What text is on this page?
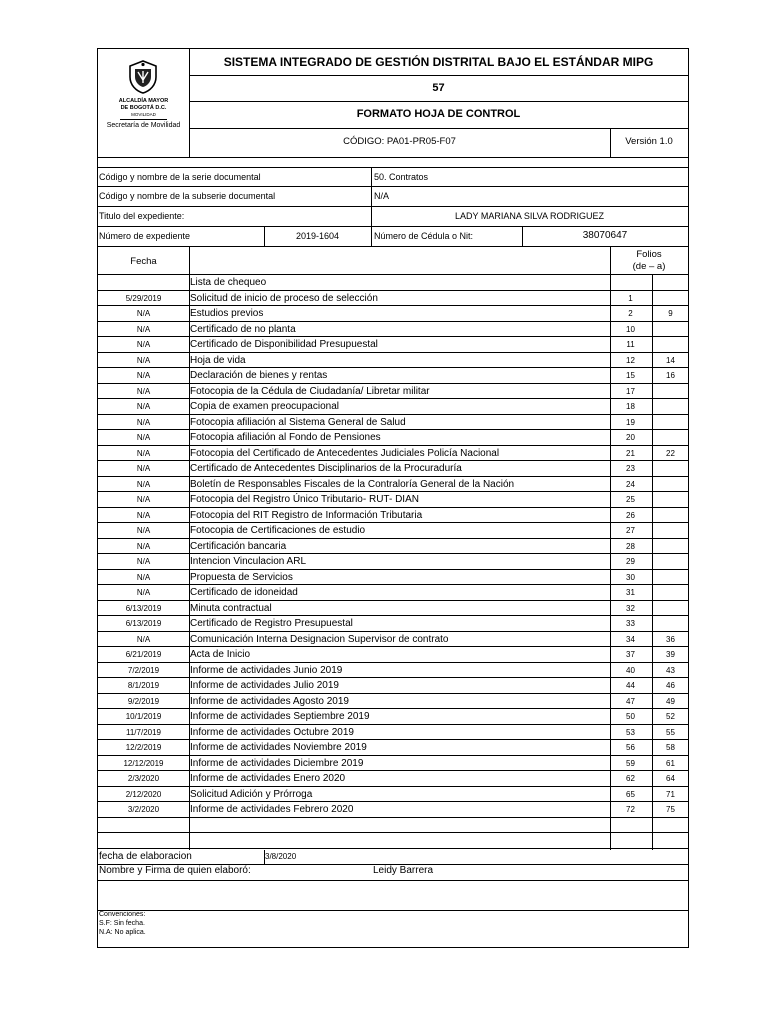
ALCALDÍA MAYOR
DE BOGOTÁ D.C.
MOVILIDAD
Secretaría de Movilidad
SISTEMA INTEGRADO DE GESTIÓN DISTRITAL BAJO EL ESTÁNDAR MIPG
57
FORMATO HOJA DE CONTROL
CÓDIGO: PA01-PR05-F07	Versión 1.0
Código y nombre de la serie documental	50. Contratos
Código y nombre de la subserie documental	N/A
Titulo del expediente:	LADY MARIANA SILVA RODRIGUEZ
Número de expediente	2019-1604	Número de Cédula o Nit:	38070647
Fecha
Folios
(de – a)
Lista de chequeo
5/29/2019	Solicitud de inicio de proceso de selección	1
N/A	Estudios previos	2	9
N/A	Certificado de no planta	10
N/A	Certificado de Disponibilidad Presupuestal	11
N/A	Hoja de vida	12	14
N/A	Declaración de bienes y rentas	15	16
N/A	Fotocopia de la Cédula de Ciudadanía/ Libretar militar	17
N/A	Copia de examen preocupacional	18
N/A	Fotocopia afiliación al Sistema General de Salud	19
N/A	Fotocopia afiliación al Fondo de Pensiones	20
N/A	Fotocopia del Certificado de Antecedentes Judiciales Policía Nacional	21	22
N/A	Certificado de Antecedentes Disciplinarios de la Procuraduría	23
N/A	Boletín de Responsables Fiscales de la Contraloría General de la Nación	24
N/A	Fotocopia del Registro Único Tributario- RUT- DIAN	25
N/A	Fotocopia del RIT Registro de Información Tributaria	26
N/A	Fotocopia de Certificaciones de estudio	27
N/A	Certificación bancaria	28
N/A	Intencion Vinculacion ARL	29
N/A	Propuesta de Servicios	30
N/A	Certificado de idoneidad	31
6/13/2019	Minuta contractual	32
6/13/2019	Certificado de Registro Presupuestal	33
N/A	Comunicación Interna Designacion Supervisor de contrato	34	36
6/21/2019	Acta de Inicio	37	39
7/2/2019	Informe de actividades Junio 2019	40	43
8/1/2019	Informe de actividades Julio 2019	44	46
9/2/2019	Informe de actividades Agosto 2019	47	49
10/1/2019	Informe de actividades Septiembre 2019	50	52
11/7/2019	Informe de actividades Octubre 2019	53	55
12/2/2019	Informe de actividades Noviembre 2019	56	58
12/12/2019	Informe de actividades Diciembre 2019	59	61
2/3/2020	Informe de actividades Enero 2020	62	64
2/12/2020	Solicitud Adición y Prórroga	65	71
3/2/2020	Informe de actividades Febrero 2020	72	75
fecha de elaboracion	3/8/2020
Nombre y Firma de quien elaboró:	Leidy Barrera
Convenciones:
S.F: Sin fecha.
N.A: No aplica.
